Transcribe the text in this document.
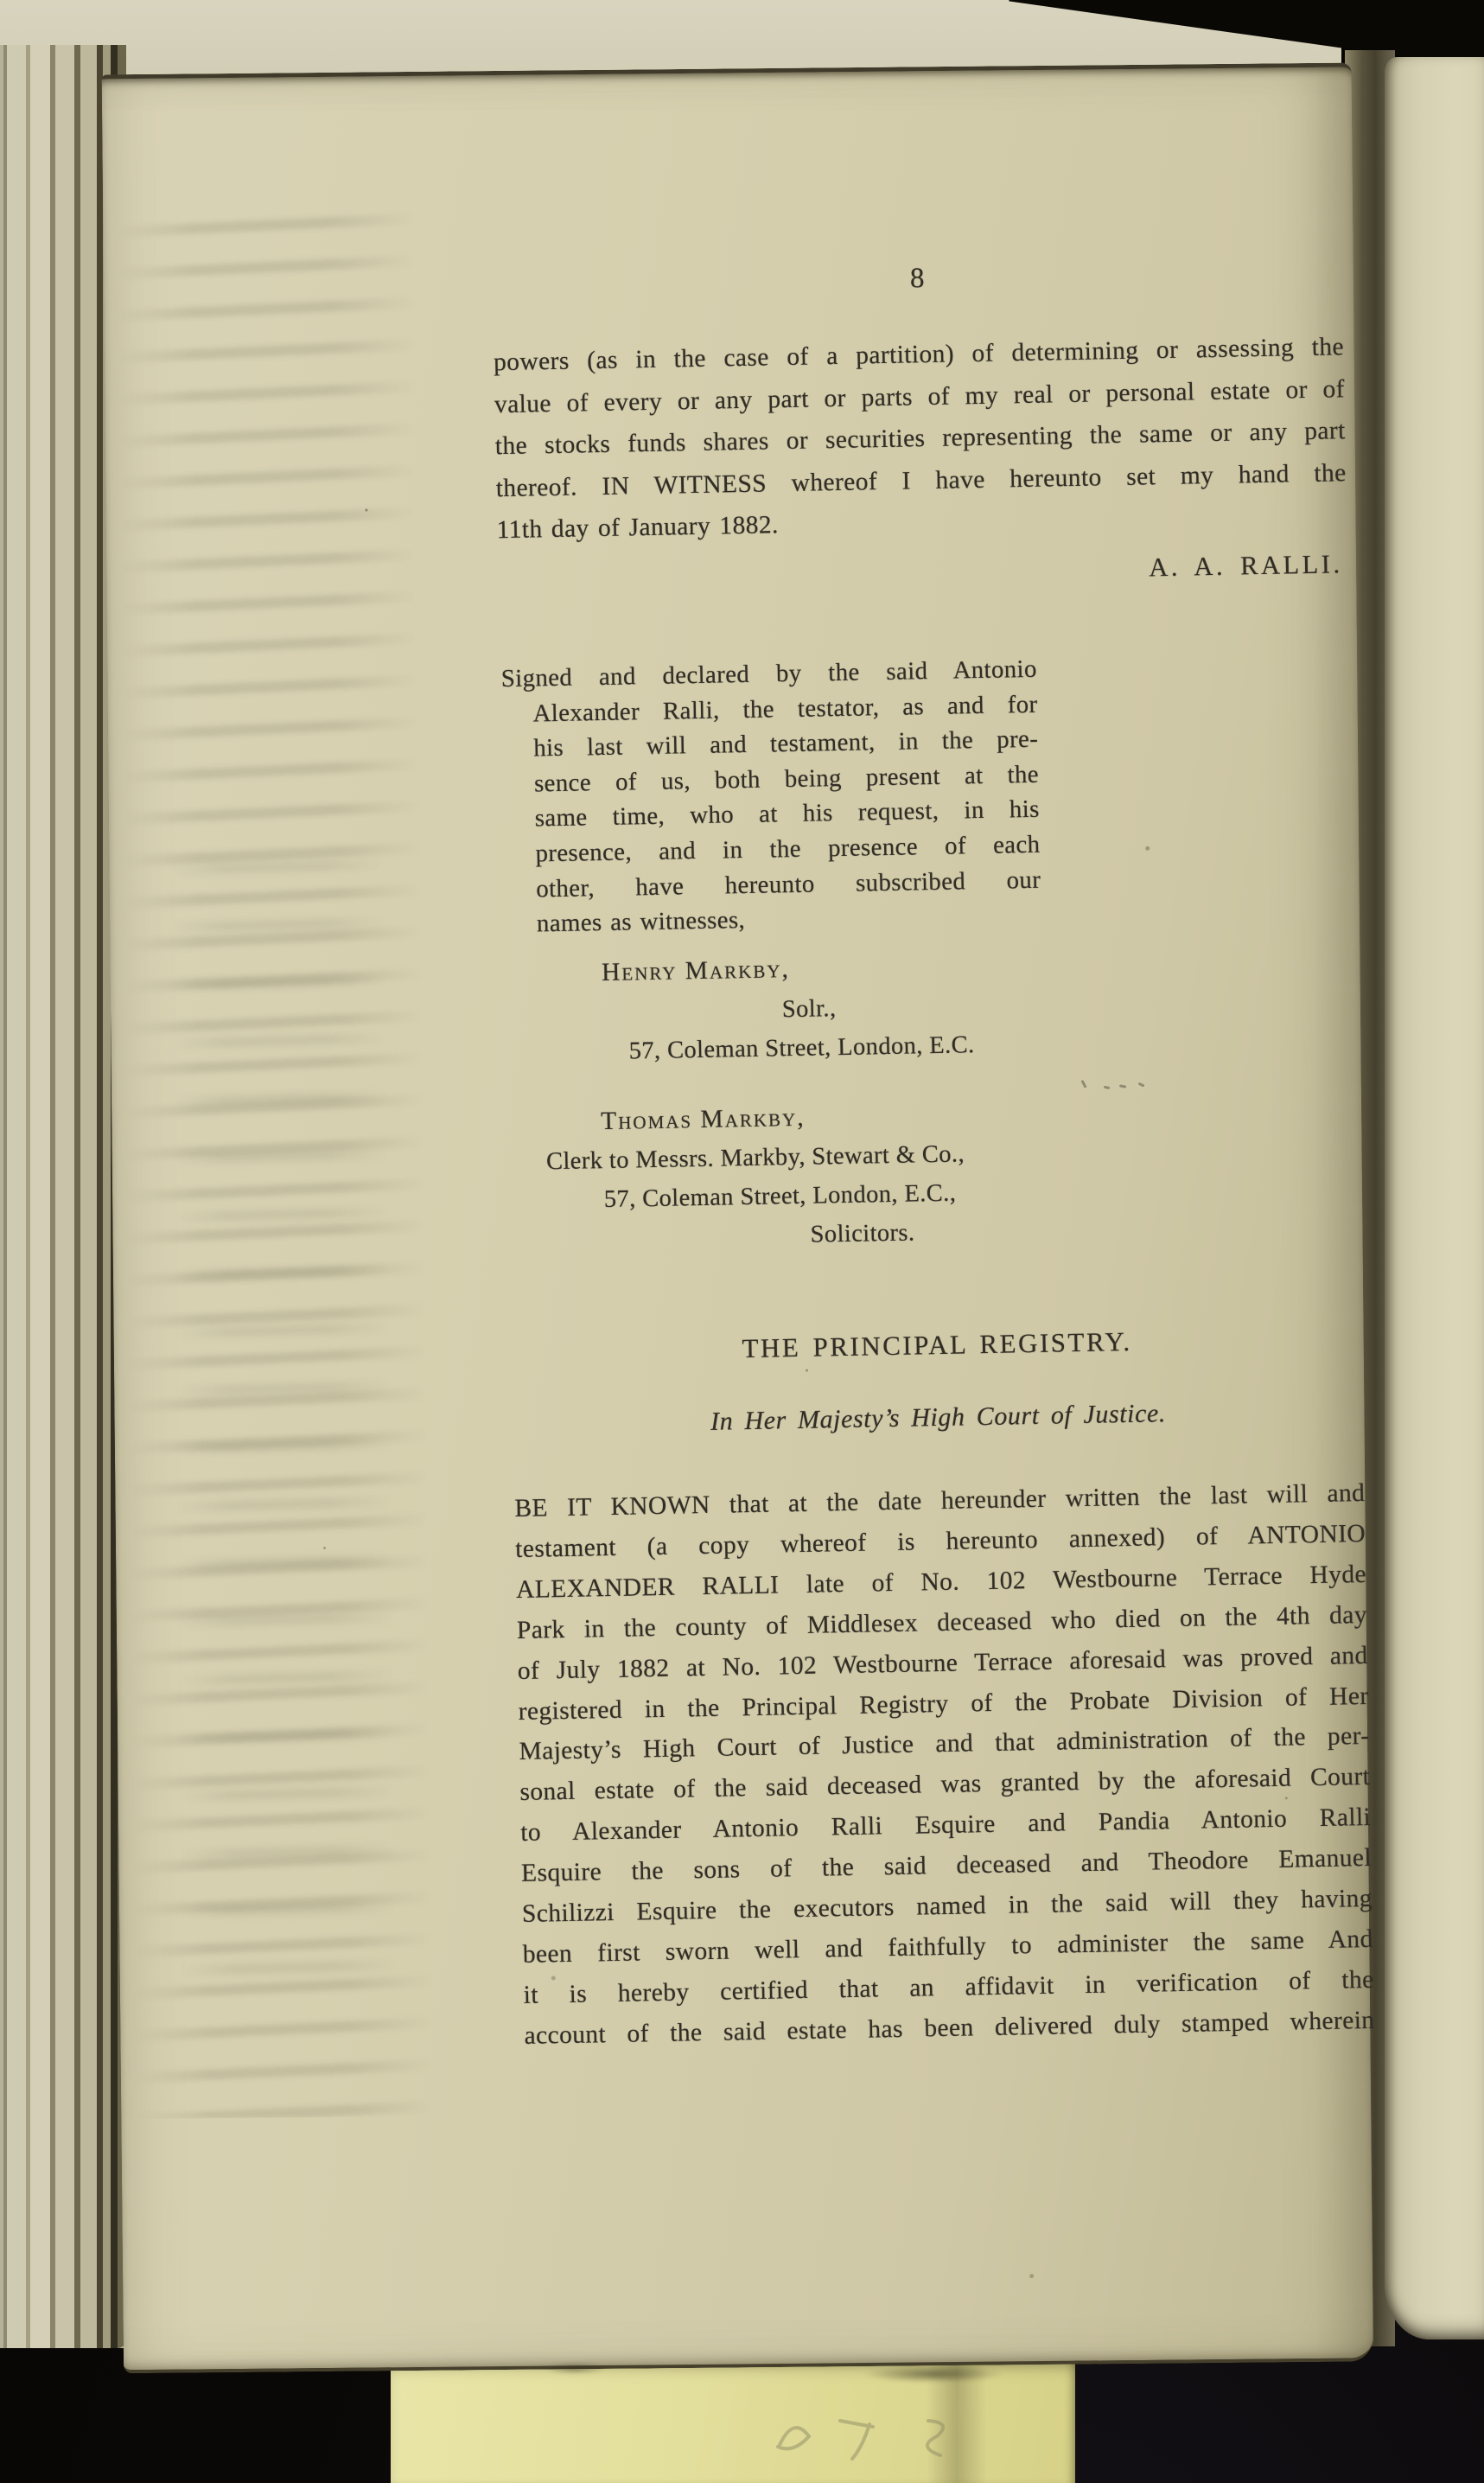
8
powers (as in the case of a partition) of determining or assessing the
value of every or any part or parts of my real or personal estate or of
the stocks funds shares or securities representing the same or any part
thereof. IN WITNESS whereof I have hereunto set my hand the
11th day of January 1882.
A. A. RALLI.
Signed and declared by the said Antonio
Alexander Ralli, the testator, as and for
his last will and testament, in the pre-
sence of us, both being present at the
same time, who at his request, in his
presence, and in the presence of each
other, have hereunto subscribed our
names as witnesses,
Henry Markby,
Solr.,
57, Coleman Street, London, E.C.
Thomas Markby,
Clerk to Messrs. Markby, Stewart & Co.,
57, Coleman Street, London, E.C.,
Solicitors.
THE PRINCIPAL REGISTRY.
In Her Majesty’s High Court of Justice.
BE IT KNOWN that at the date hereunder written the last will and
testament (a copy whereof is hereunto annexed) of ANTONIO
ALEXANDER RALLI late of No. 102 Westbourne Terrace Hyde
Park in the county of Middlesex deceased who died on the 4th day
of July 1882 at No. 102 Westbourne Terrace aforesaid was proved and
registered in the Principal Registry of the Probate Division of Her
Majesty’s High Court of Justice and that administration of the per-
sonal estate of the said deceased was granted by the aforesaid Court
to Alexander Antonio Ralli Esquire and Pandia Antonio Ralli
Esquire the sons of the said deceased and Theodore Emanuel
Schilizzi Esquire the executors named in the said will they having
been first sworn well and faithfully to administer the same And
it is hereby certified that an affidavit in verification of the
account of the said estate has been delivered duly stamped wherein
